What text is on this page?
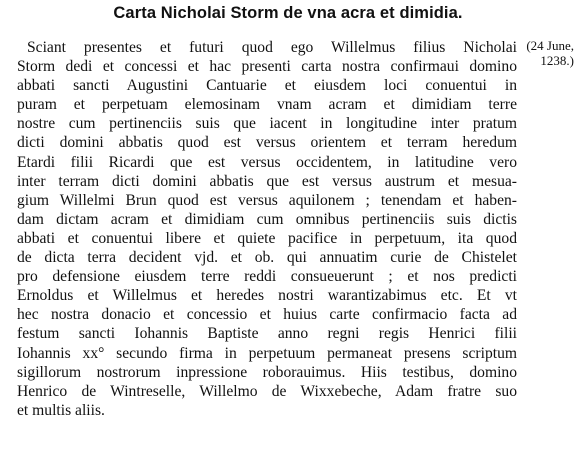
Carta Nicholai Storm de vna acra et dimidia.
(24 June,
1238.)
Sciant presentes et futuri quod ego Willelmus filius Nicholai
Storm dedi et concessi et hac presenti carta nostra confirmaui domino
abbati sancti Augustini Cantuarie et eiusdem loci conuentui in
puram et perpetuam elemosinam vnam acram et dimidiam terre
nostre cum pertinenciis suis que iacent in longitudine inter pratum
dicti domini abbatis quod est versus orientem et terram heredum
Etardi filii Ricardi que est versus occidentem, in latitudine vero
inter terram dicti domini abbatis que est versus austrum et mesua-
gium Willelmi Brun quod est versus aquilonem ; tenendam et haben-
dam dictam acram et dimidiam cum omnibus pertinenciis suis dictis
abbati et conuentui libere et quiete pacifice in perpetuum, ita quod
de dicta terra decident vjd. et ob. qui annuatim curie de Chistelet
pro defensione eiusdem terre reddi consueuerunt ; et nos predicti
Ernoldus et Willelmus et heredes nostri warantizabimus etc. Et vt
hec nostra donacio et concessio et huius carte confirmacio facta ad
festum sancti Iohannis Baptiste anno regni regis Henrici filii
Iohannis xx° secundo firma in perpetuum permaneat presens scriptum
sigillorum nostrorum inpressione roborauimus. Hiis testibus, domino
Henrico de Wintreselle, Willelmo de Wixxebeche, Adam fratre suo
et multis aliis.
